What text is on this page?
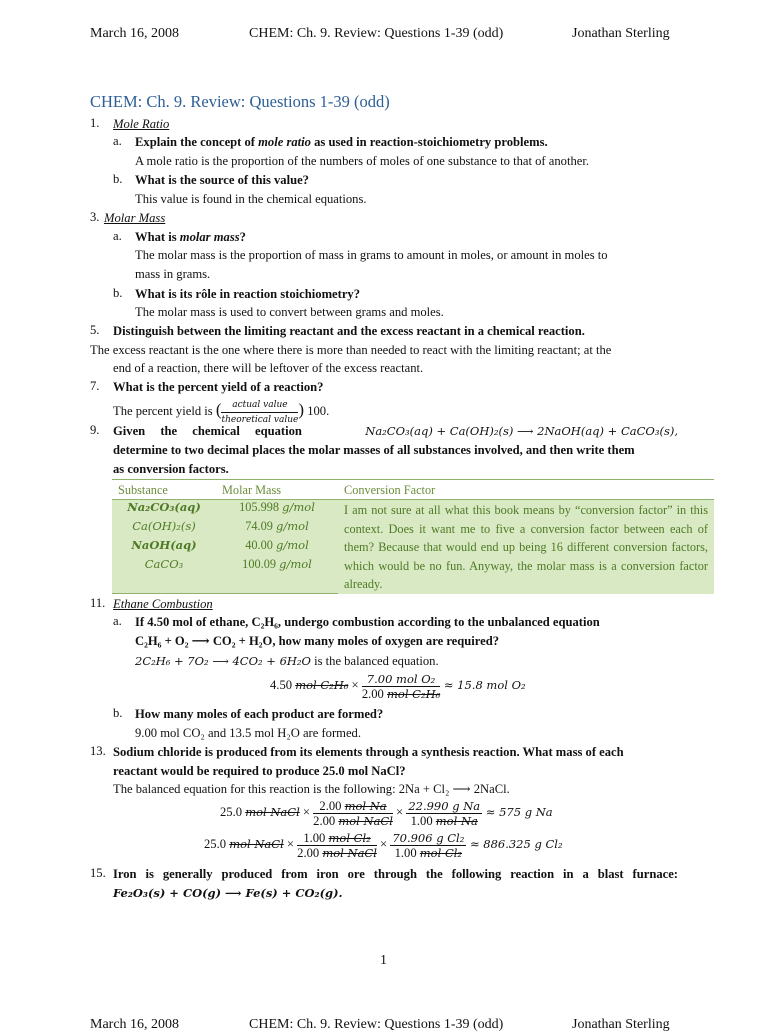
March 16, 2008	CHEM: Ch. 9. Review: Questions 1-39 (odd)	Jonathan Sterling
CHEM: Ch. 9. Review: Questions 1-39 (odd)
1. Mole Ratio
a. Explain the concept of mole ratio as used in reaction-stoichiometry problems.
A mole ratio is the proportion of the numbers of moles of one substance to that of another.
b. What is the source of this value?
This value is found in the chemical equations.
3. Molar Mass
a. What is molar mass?
The molar mass is the proportion of mass in grams to amount in moles, or amount in moles to
mass in grams.
b. What is its rôle in reaction stoichiometry?
The molar mass is used to convert between grams and moles.
5. Distinguish between the limiting reactant and the excess reactant in a chemical reaction.
The excess reactant is the one where there is more than needed to react with the limiting reactant; at the
end of a reaction, there will be leftover of the excess reactant.
7. What is the percent yield of a reaction?
The percent yield is ( $\frac{\text{actual value}}{\text{theoretical value}}$ ) 100.
9. Given the chemical equation	Na₂CO₃(aq) + Ca(OH)₂(s) ⟶ 2NaOH(aq) + CaCO₃(s),
determine to two decimal places the molar masses of all substances involved, and then write them
as conversion factors.
Substance	Molar Mass	Conversion Factor
Na₂CO₃(aq)	105.998 g/mol	I am not sure at all what this book means by “conversion factor” in this context. Does it want me to five a conversion factor between each of them? Because that would end up being 16 different conversion factors, which would be no fun. Anyway, the molar mass is a conversion factor already.
Ca(OH)₂(s)	74.09 g/mol	
NaOH(aq)	40.00 g/mol	
CaCO₃	100.09 g/mol	
11. Ethane Combustion
a. If 4.50 mol of ethane, C₂H₆, undergo combustion according to the unbalanced equation
C₂H₆ + O₂ ⟶ CO₂ + H₂O, how many moles of oxygen are required?
2C₂H₆ + 7O₂ ⟶ 4CO₂ + 6H₂O is the balanced equation.
4.50 mol $C_2H_6 \times \frac{\text{7.00 mol O₂}}{\text{2.00 mol C₂H₆}} \approx 15.8$ mol O₂
b. How many moles of each product are formed?
9.00 mol CO₂ and 13.5 mol H₂O are formed.
13. Sodium chloride is produced from its elements through a synthesis reaction. What mass of each
reactant would be required to produce 25.0 mol NaCl?
The balanced equation for this reaction is the following: 2Na + Cl₂ ⟶ 2NaCl.
25.0 mol NaCl × $\frac{\text{2.00 mol Na}}{\text{2.00 mol NaCl}} \times \frac{\text{22.990 g Na}}{\text{1.00 mol Na}} \approx 575$ g Na
25.0 mol NaCl × $\frac{\text{1.00 mol Cl₂}}{\text{2.00 mol NaCl}} \times \frac{\text{70.906 g Cl₂}}{\text{1.00 mol Cl₂}} \approx 886.325$ g Cl₂
15. Iron is generally produced from iron ore through the following reaction in a blast furnace:
Fe₂O₃(s) + CO(g) ⟶ Fe(s) + CO₂(g).
1
March 16, 2008	CHEM: Ch. 9. Review: Questions 1-39 (odd)	Jonathan Sterling
